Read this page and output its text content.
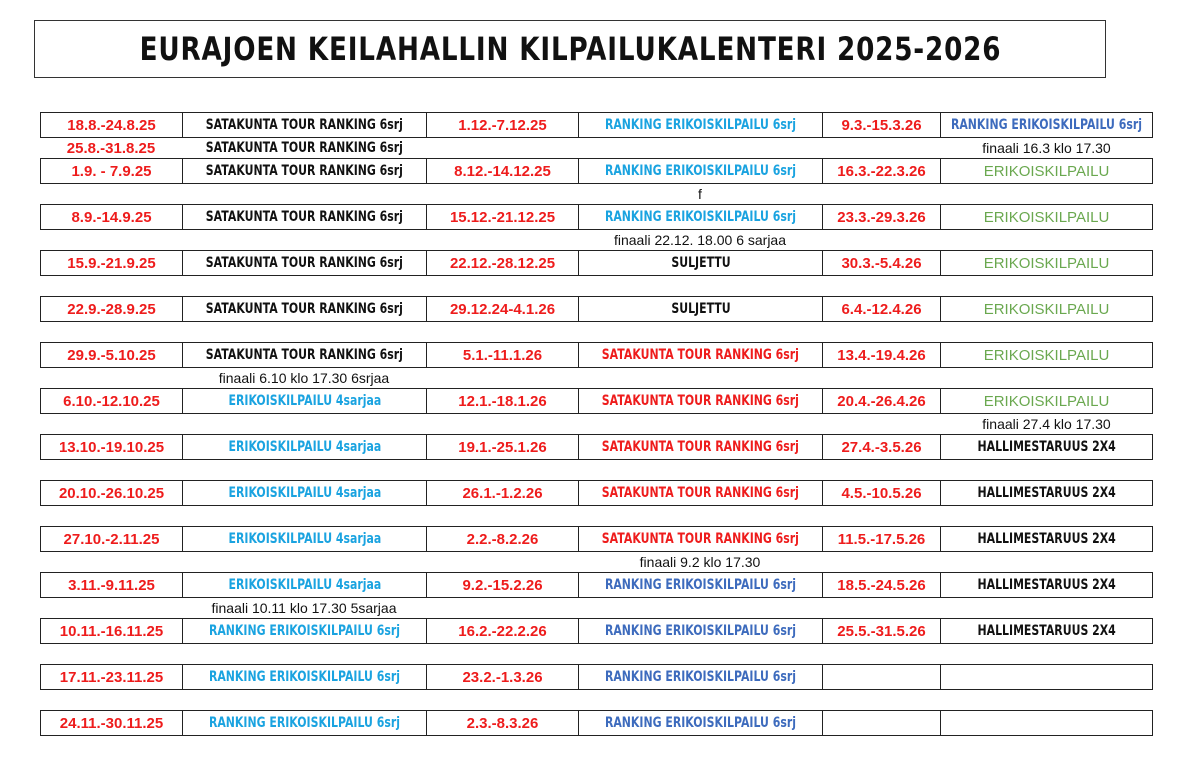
EURAJOEN KEILAHALLIN KILPAILUKALENTERI 2025-2026
18.8.-24.8.25	SATAKUNTA TOUR RANKING 6srj	1.12.-7.12.25	RANKING ERIKOISKILPAILU 6srj	9.3.-15.3.26 RANKING ERIKOISKILPAILU 6srj
25.8.-31.8.25	SATAKUNTA TOUR RANKING 6srj	finaali 16.3 klo 17.30
1.9. - 7.9.25	SATAKUNTA TOUR RANKING 6srj	8.12.-14.12.25	RANKING ERIKOISKILPAILU 6srj	16.3.-22.3.26	ERIKOISKILPAILU
f
8.9.-14.9.25	SATAKUNTA TOUR RANKING 6srj	15.12.-21.12.25	RANKING ERIKOISKILPAILU 6srj	23.3.-29.3.26	ERIKOISKILPAILU
finaali 22.12. 18.00 6 sarjaa
15.9.-21.9.25	SATAKUNTA TOUR RANKING 6srj	22.12.-28.12.25	SULJETTU	30.3.-5.4.26	ERIKOISKILPAILU
22.9.-28.9.25	SATAKUNTA TOUR RANKING 6srj	29.12.24-4.1.26	SULJETTU	6.4.-12.4.26	ERIKOISKILPAILU
29.9.-5.10.25	SATAKUNTA TOUR RANKING 6srj	5.1.-11.1.26	SATAKUNTA TOUR RANKING 6srj	13.4.-19.4.26	ERIKOISKILPAILU
finaali 6.10 klo 17.30 6srjaa
6.10.-12.10.25	ERIKOISKILPAILU 4sarjaa	12.1.-18.1.26	SATAKUNTA TOUR RANKING 6srj	20.4.-26.4.26	ERIKOISKILPAILU
finaali 27.4 klo 17.30
13.10.-19.10.25	ERIKOISKILPAILU 4sarjaa	19.1.-25.1.26	SATAKUNTA TOUR RANKING 6srj	27.4.-3.5.26	HALLIMESTARUUS 2X4
20.10.-26.10.25	ERIKOISKILPAILU 4sarjaa	26.1.-1.2.26	SATAKUNTA TOUR RANKING 6srj	4.5.-10.5.26	HALLIMESTARUUS 2X4
27.10.-2.11.25	ERIKOISKILPAILU 4sarjaa	2.2.-8.2.26	SATAKUNTA TOUR RANKING 6srj	11.5.-17.5.26	HALLIMESTARUUS 2X4
finaali 9.2 klo 17.30
3.11.-9.11.25	ERIKOISKILPAILU 4sarjaa	9.2.-15.2.26	RANKING ERIKOISKILPAILU 6srj	18.5.-24.5.26	HALLIMESTARUUS 2X4
finaali 10.11 klo 17.30 5sarjaa
10.11.-16.11.25	RANKING ERIKOISKILPAILU 6srj	16.2.-22.2.26	RANKING ERIKOISKILPAILU 6srj	25.5.-31.5.26	HALLIMESTARUUS 2X4
17.11.-23.11.25	RANKING ERIKOISKILPAILU 6srj	23.2.-1.3.26	RANKING ERIKOISKILPAILU 6srj
24.11.-30.11.25	RANKING ERIKOISKILPAILU 6srj	2.3.-8.3.26	RANKING ERIKOISKILPAILU 6srj
